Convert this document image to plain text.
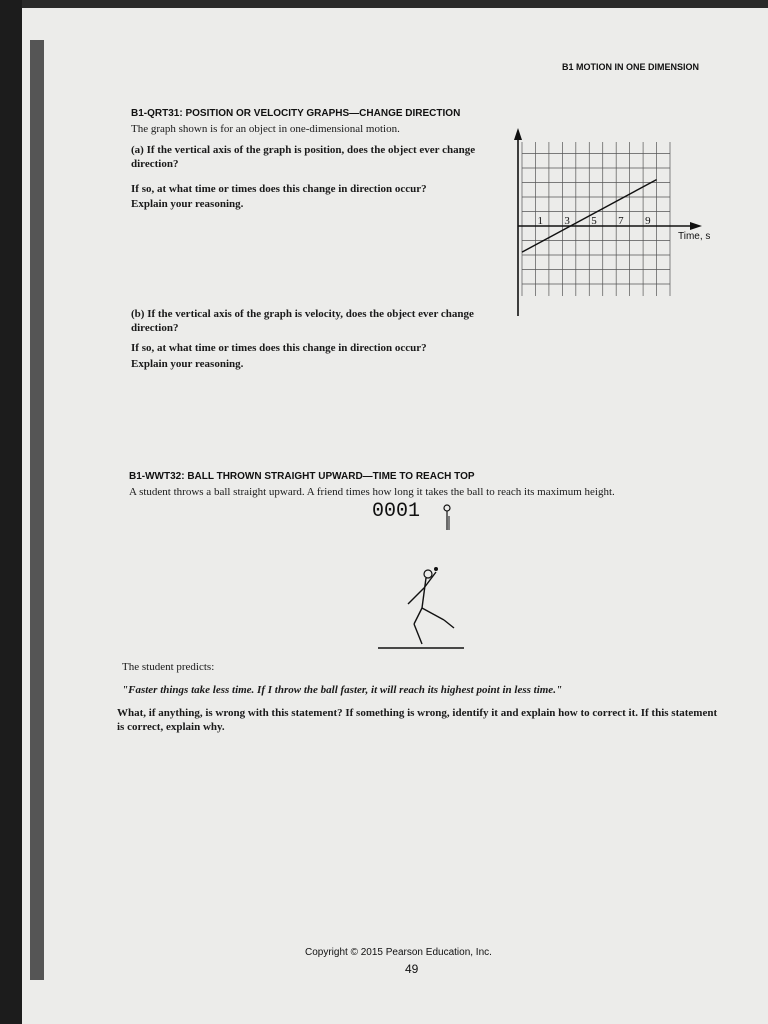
B1 MOTION IN ONE DIMENSION
B1-QRT31: POSITION OR VELOCITY GRAPHS—CHANGE DIRECTION
The graph shown is for an object in one-dimensional motion.
(a) If the vertical axis of the graph is position, does the object ever change direction?
If so, at what time or times does this change in direction occur?
Explain your reasoning.
1 3 5 7 9
Time, s
(b) If the vertical axis of the graph is velocity, does the object ever change direction?
If so, at what time or times does this change in direction occur?
Explain your reasoning.
B1-WWT32: BALL THROWN STRAIGHT UPWARD—TIME TO REACH TOP
A student throws a ball straight upward. A friend times how long it takes the ball to reach its maximum height.
0001
The student predicts:
"Faster things take less time. If I throw the ball faster, it will reach its highest point in less time."
What, if anything, is wrong with this statement? If something is wrong, identify it and explain how to correct it. If this statement is correct, explain why.
Copyright © 2015 Pearson Education, Inc.
49
